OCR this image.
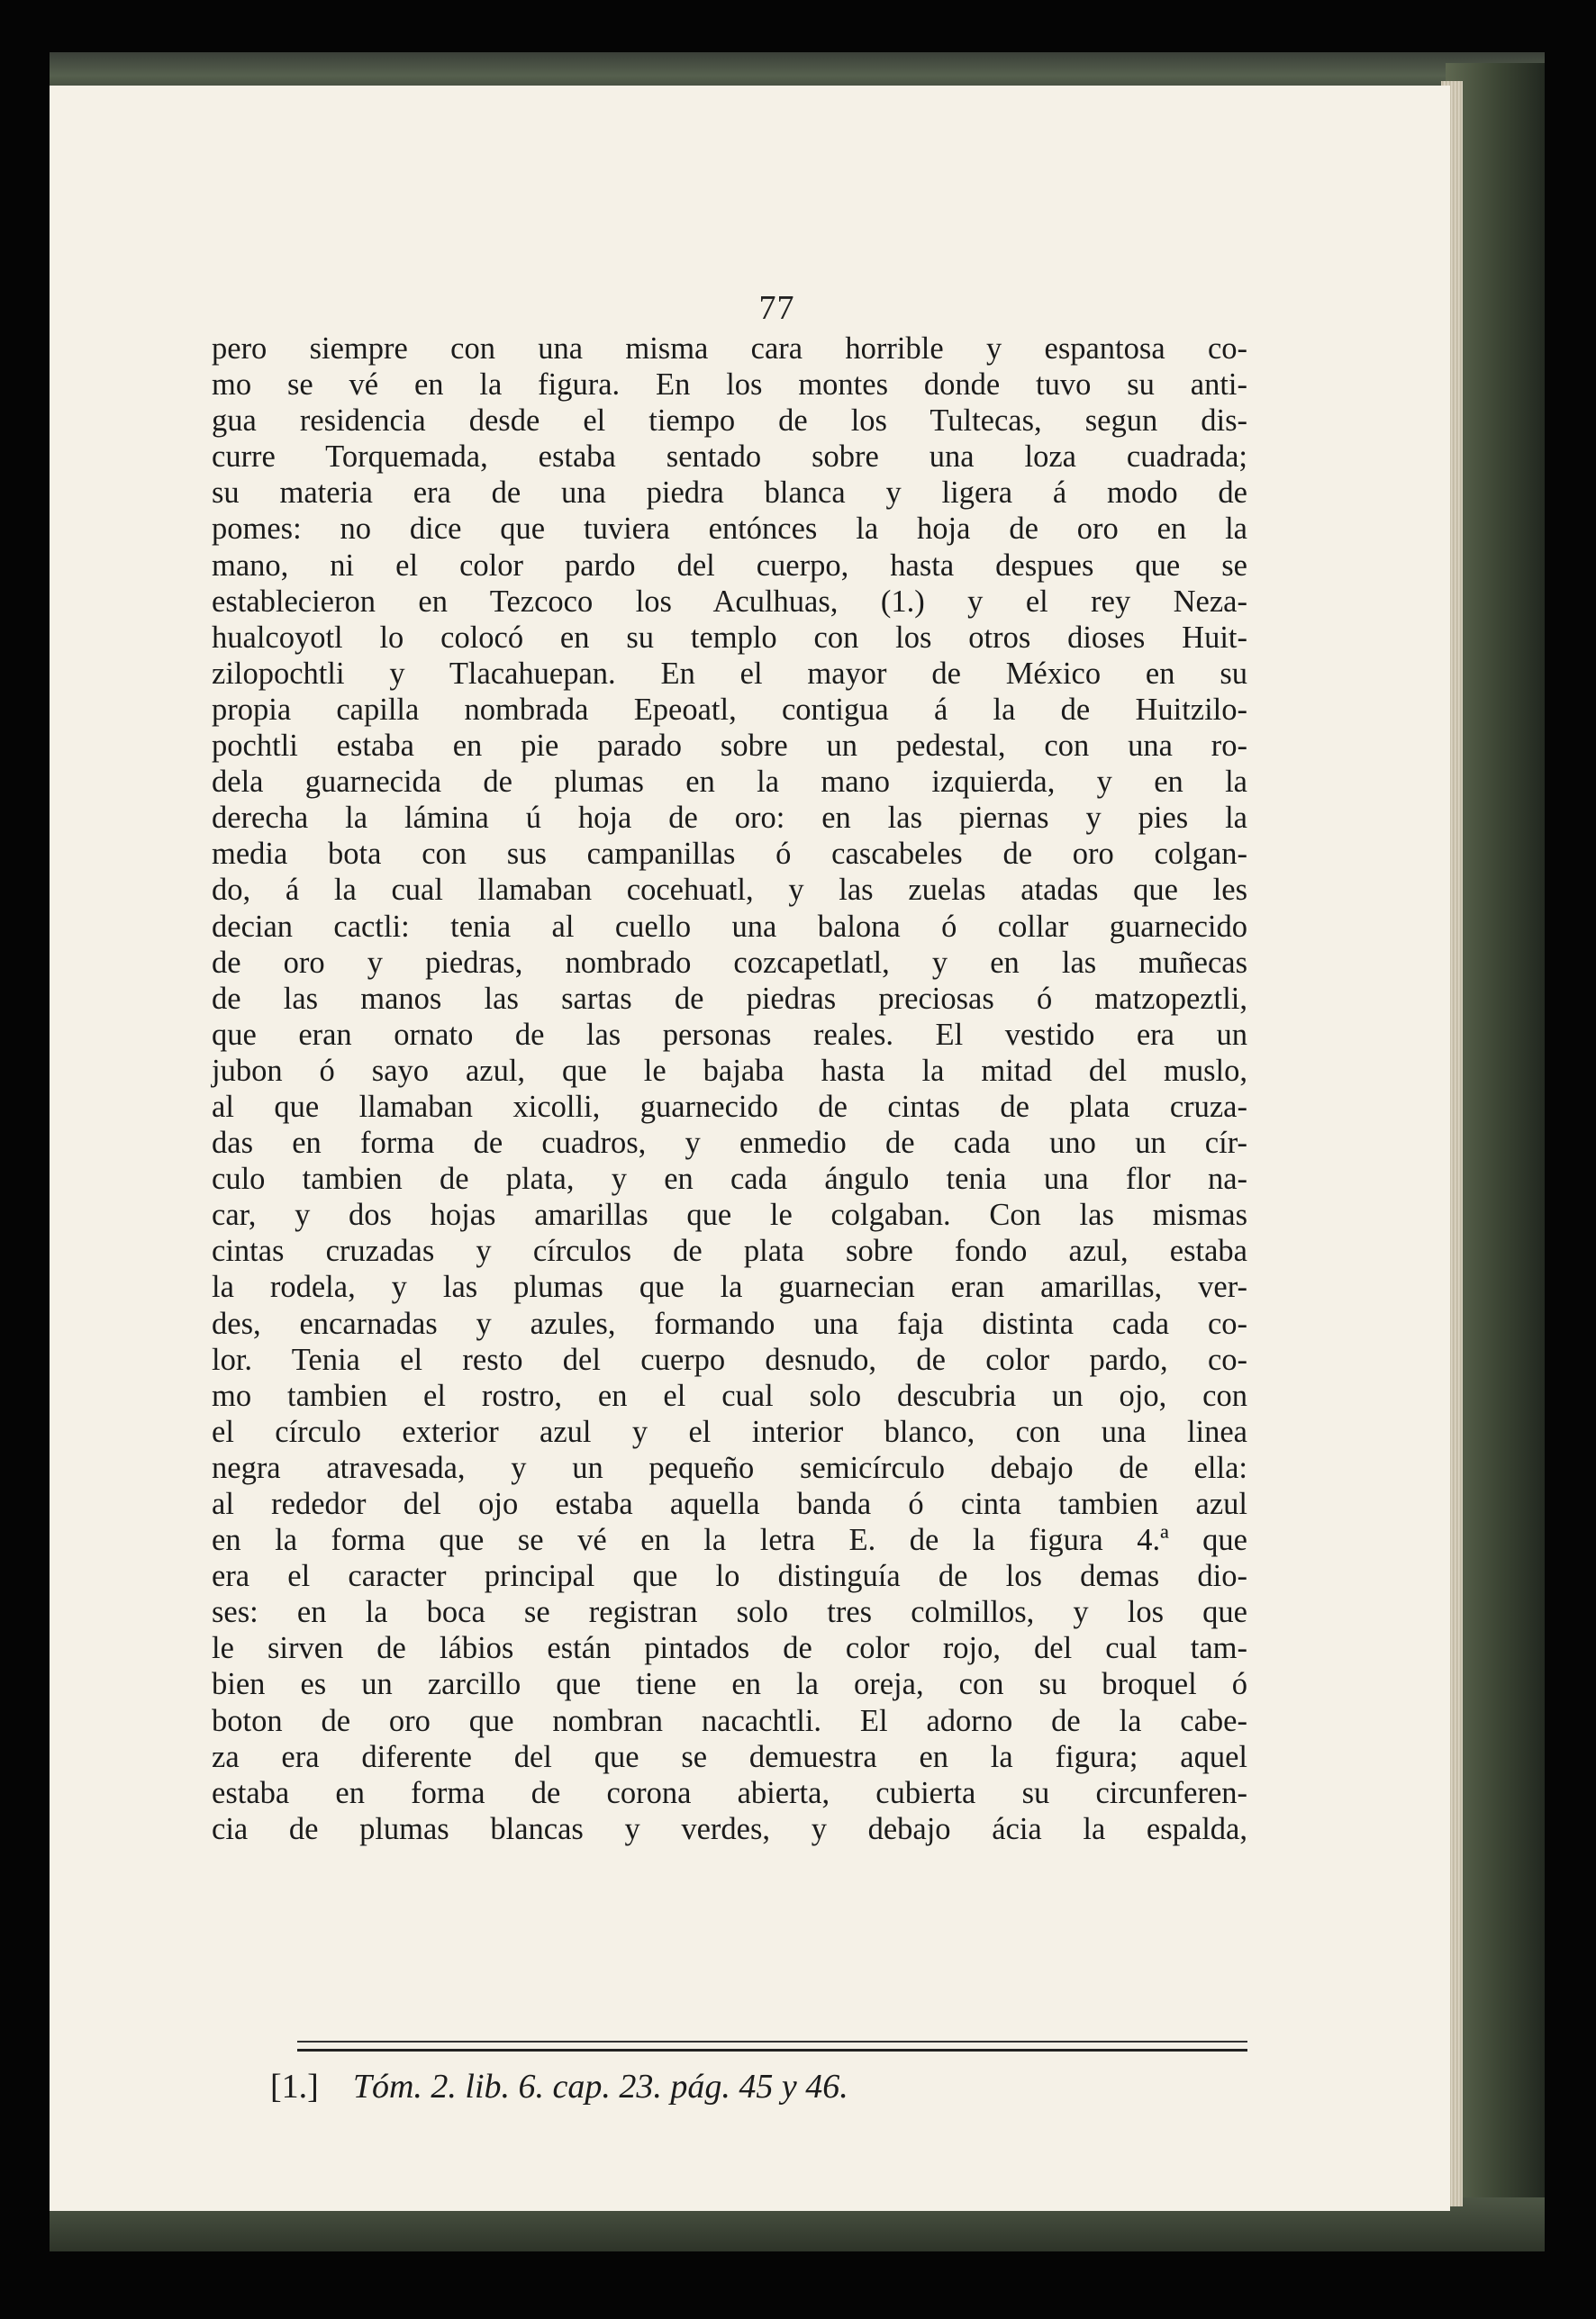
77
pero siempre con una misma cara horrible y espantosa co-
mo se vé en la figura. En los montes donde tuvo su anti-
gua residencia desde el tiempo de los Tultecas, segun dis-
curre Torquemada, estaba sentado sobre una loza cuadrada;
su materia era de una piedra blanca y ligera á modo de
pomes: no dice que tuviera entónces la hoja de oro en la
mano, ni el color pardo del cuerpo, hasta despues que se
establecieron en Tezcoco los Aculhuas, (1.) y el rey Neza-
hualcoyotl lo colocó en su templo con los otros dioses Huit-
zilopochtli y Tlacahuepan. En el mayor de México en su
propia capilla nombrada Epeoatl, contigua á la de Huitzilo-
pochtli estaba en pie parado sobre un pedestal, con una ro-
dela guarnecida de plumas en la mano izquierda, y en la
derecha la lámina ú hoja de oro: en las piernas y pies la
media bota con sus campanillas ó cascabeles de oro colgan-
do, á la cual llamaban cocehuatl, y las zuelas atadas que les
decian cactli: tenia al cuello una balona ó collar guarnecido
de oro y piedras, nombrado cozcapetlatl, y en las muñecas
de las manos las sartas de piedras preciosas ó matzopeztli,
que eran ornato de las personas reales. El vestido era un
jubon ó sayo azul, que le bajaba hasta la mitad del muslo,
al que llamaban xicolli, guarnecido de cintas de plata cruza-
das en forma de cuadros, y enmedio de cada uno un cír-
culo tambien de plata, y en cada ángulo tenia una flor na-
car, y dos hojas amarillas que le colgaban. Con las mismas
cintas cruzadas y círculos de plata sobre fondo azul, estaba
la rodela, y las plumas que la guarnecian eran amarillas, ver-
des, encarnadas y azules, formando una faja distinta cada co-
lor. Tenia el resto del cuerpo desnudo, de color pardo, co-
mo tambien el rostro, en el cual solo descubria un ojo, con
el círculo exterior azul y el interior blanco, con una linea
negra atravesada, y un pequeño semicírculo debajo de ella:
al rededor del ojo estaba aquella banda ó cinta tambien azul
en la forma que se vé en la letra E. de la figura 4.ª que
era el caracter principal que lo distinguía de los demas dio-
ses: en la boca se registran solo tres colmillos, y los que
le sirven de lábios están pintados de color rojo, del cual tam-
bien es un zarcillo que tiene en la oreja, con su broquel ó
boton de oro que nombran nacachtli. El adorno de la cabe-
za era diferente del que se demuestra en la figura; aquel
estaba en forma de corona abierta, cubierta su circunferen-
cia de plumas blancas y verdes, y debajo ácia la espalda,
[1.] Tóm. 2. lib. 6. cap. 23. pág. 45 y 46.
